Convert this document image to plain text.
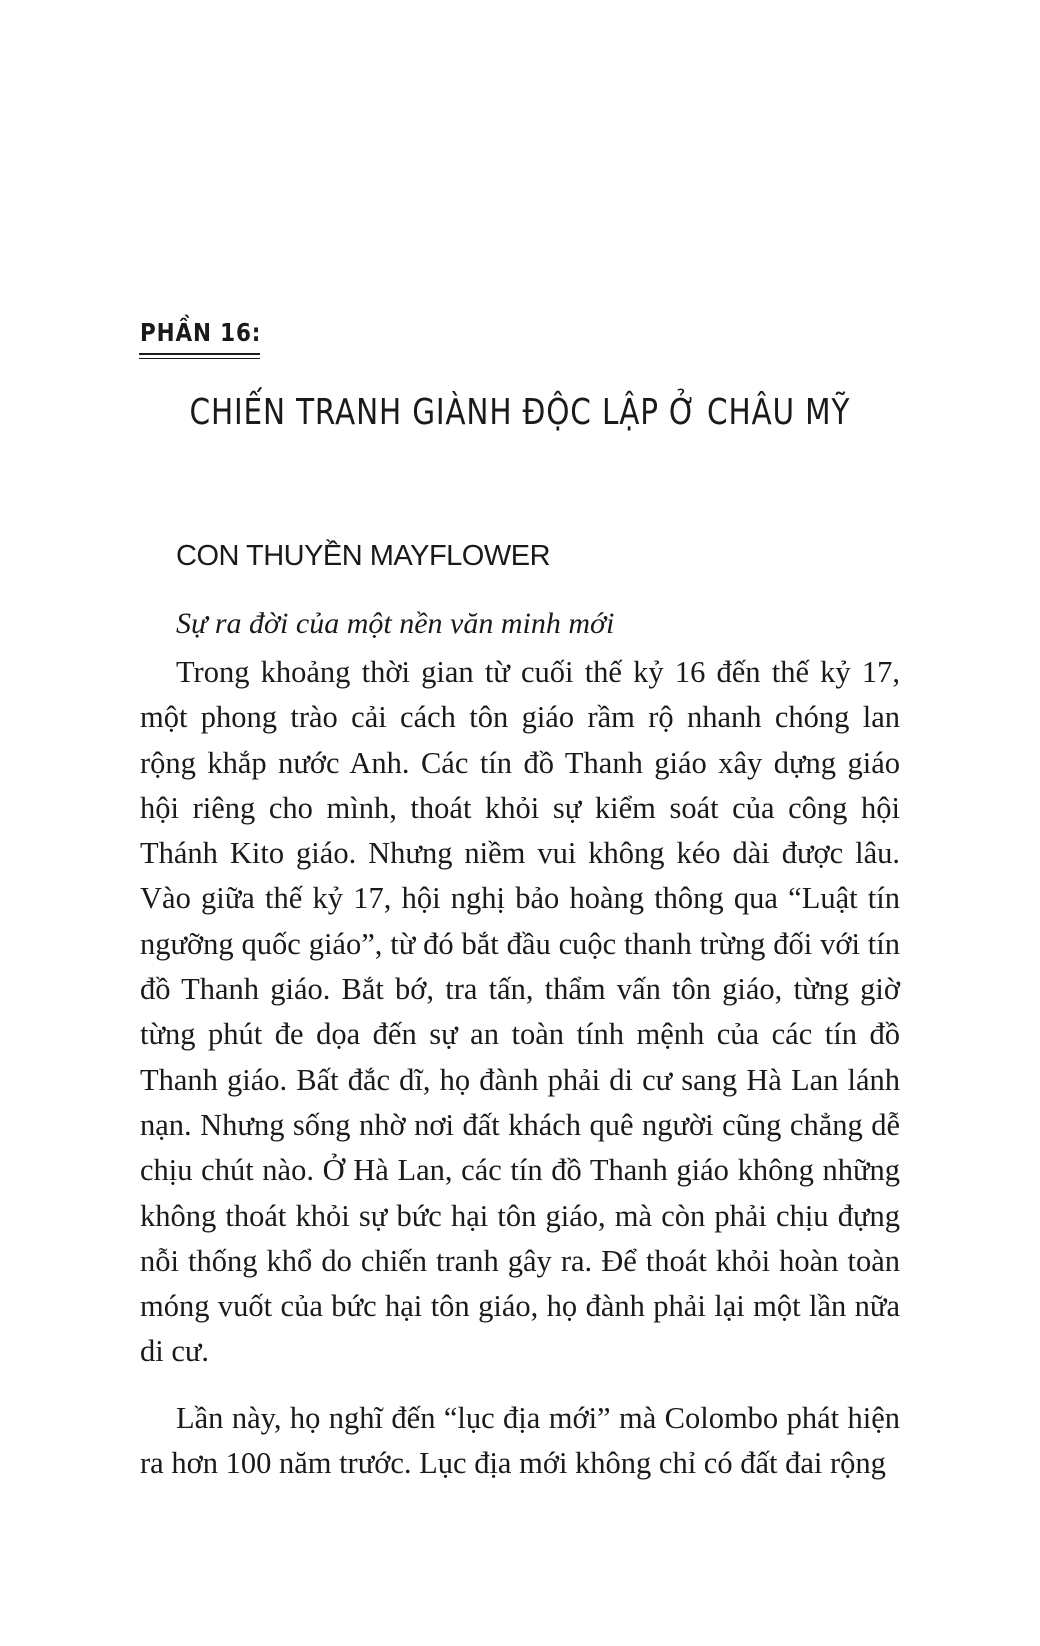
PHẦN 16:
CHIẾN TRANH GIÀNH ĐỘC LẬP Ở CHÂU MỸ
CON THUYỀN MAYFLOWER
Sự ra đời của một nền văn minh mới

Trong khoảng thời gian từ cuối thế kỷ 16 đến thế kỷ 17, một phong trào cải cách tôn giáo rầm rộ nhanh chóng lan rộng khắp nước Anh. Các tín đồ Thanh giáo xây dựng giáo hội riêng cho mình, thoát khỏi sự kiểm soát của công hội Thánh Kito giáo. Nhưng niềm vui không kéo dài được lâu. Vào giữa thế kỷ 17, hội nghị bảo hoàng thông qua “Luật tín ngưỡng quốc giáo”, từ đó bắt đầu cuộc thanh trừng đối với tín đồ Thanh giáo. Bắt bớ, tra tấn, thẩm vấn tôn giáo, từng giờ từng phút đe dọa đến sự an toàn tính mệnh của các tín đồ Thanh giáo. Bất đắc dĩ, họ đành phải di cư sang Hà Lan lánh nạn. Nhưng sống nhờ nơi đất khách quê người cũng chẳng dễ chịu chút nào. Ở Hà Lan, các tín đồ Thanh giáo không những không thoát khỏi sự bức hại tôn giáo, mà còn phải chịu đựng nỗi thống khổ do chiến tranh gây ra. Để thoát khỏi hoàn toàn móng vuốt của bức hại tôn giáo, họ đành phải lại một lần nữa di cư.

Lần này, họ nghĩ đến “lục địa mới” mà Colombo phát hiện ra hơn 100 năm trước. Lục địa mới không chỉ có đất đai rộng
